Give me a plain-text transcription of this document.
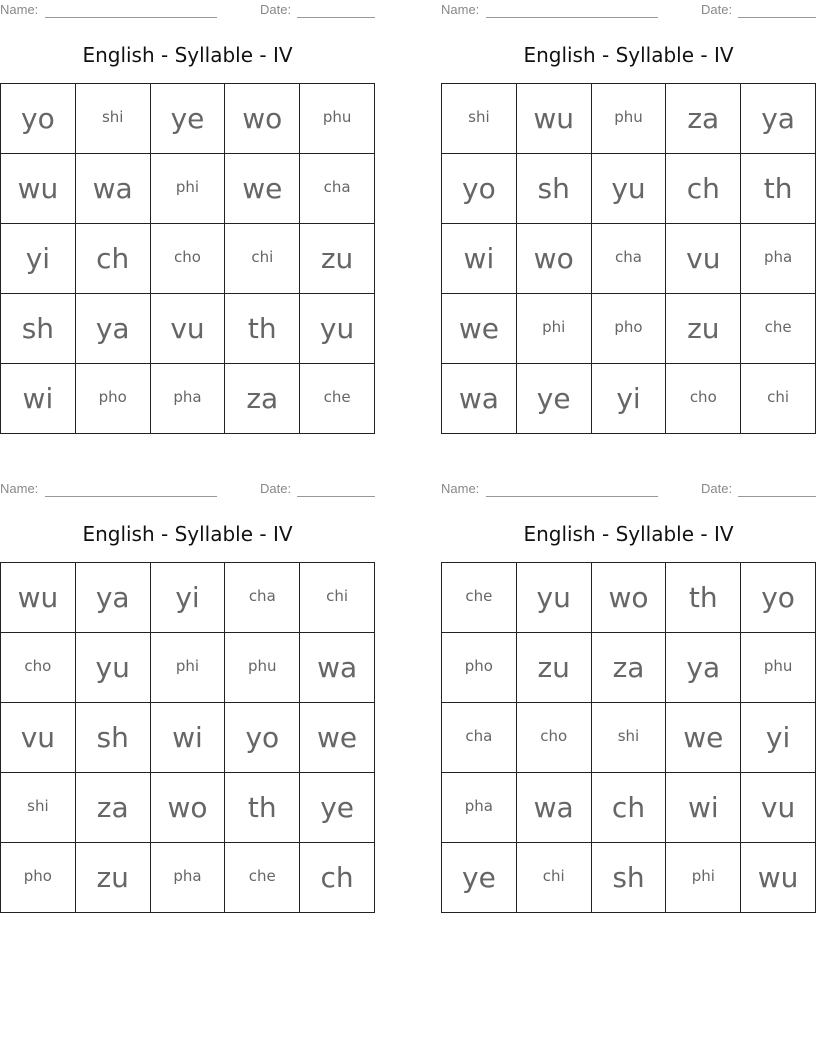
Name:	Date:
English - Syllable - IV
yo	shi	ye	wo	phu
wu	wa	phi	we	cha
yi	ch	cho	chi	zu
sh	ya	vu	th	yu
wi	pho	pha	za	che
Name:	Date:
English - Syllable - IV
shi	wu	phu	za	ya
yo	sh	yu	ch	th
wi	wo	cha	vu	pha
we	phi	pho	zu	che
wa	ye	yi	cho	chi
Name:	Date:
English - Syllable - IV
wu	ya	yi	cha	chi
cho	yu	phi	phu	wa
vu	sh	wi	yo	we
shi	za	wo	th	ye
pho	zu	pha	che	ch
Name:	Date:
English - Syllable - IV
che	yu	wo	th	yo
pho	zu	za	ya	phu
cha	cho	shi	we	yi
pha	wa	ch	wi	vu
ye	chi	sh	phi	wu
